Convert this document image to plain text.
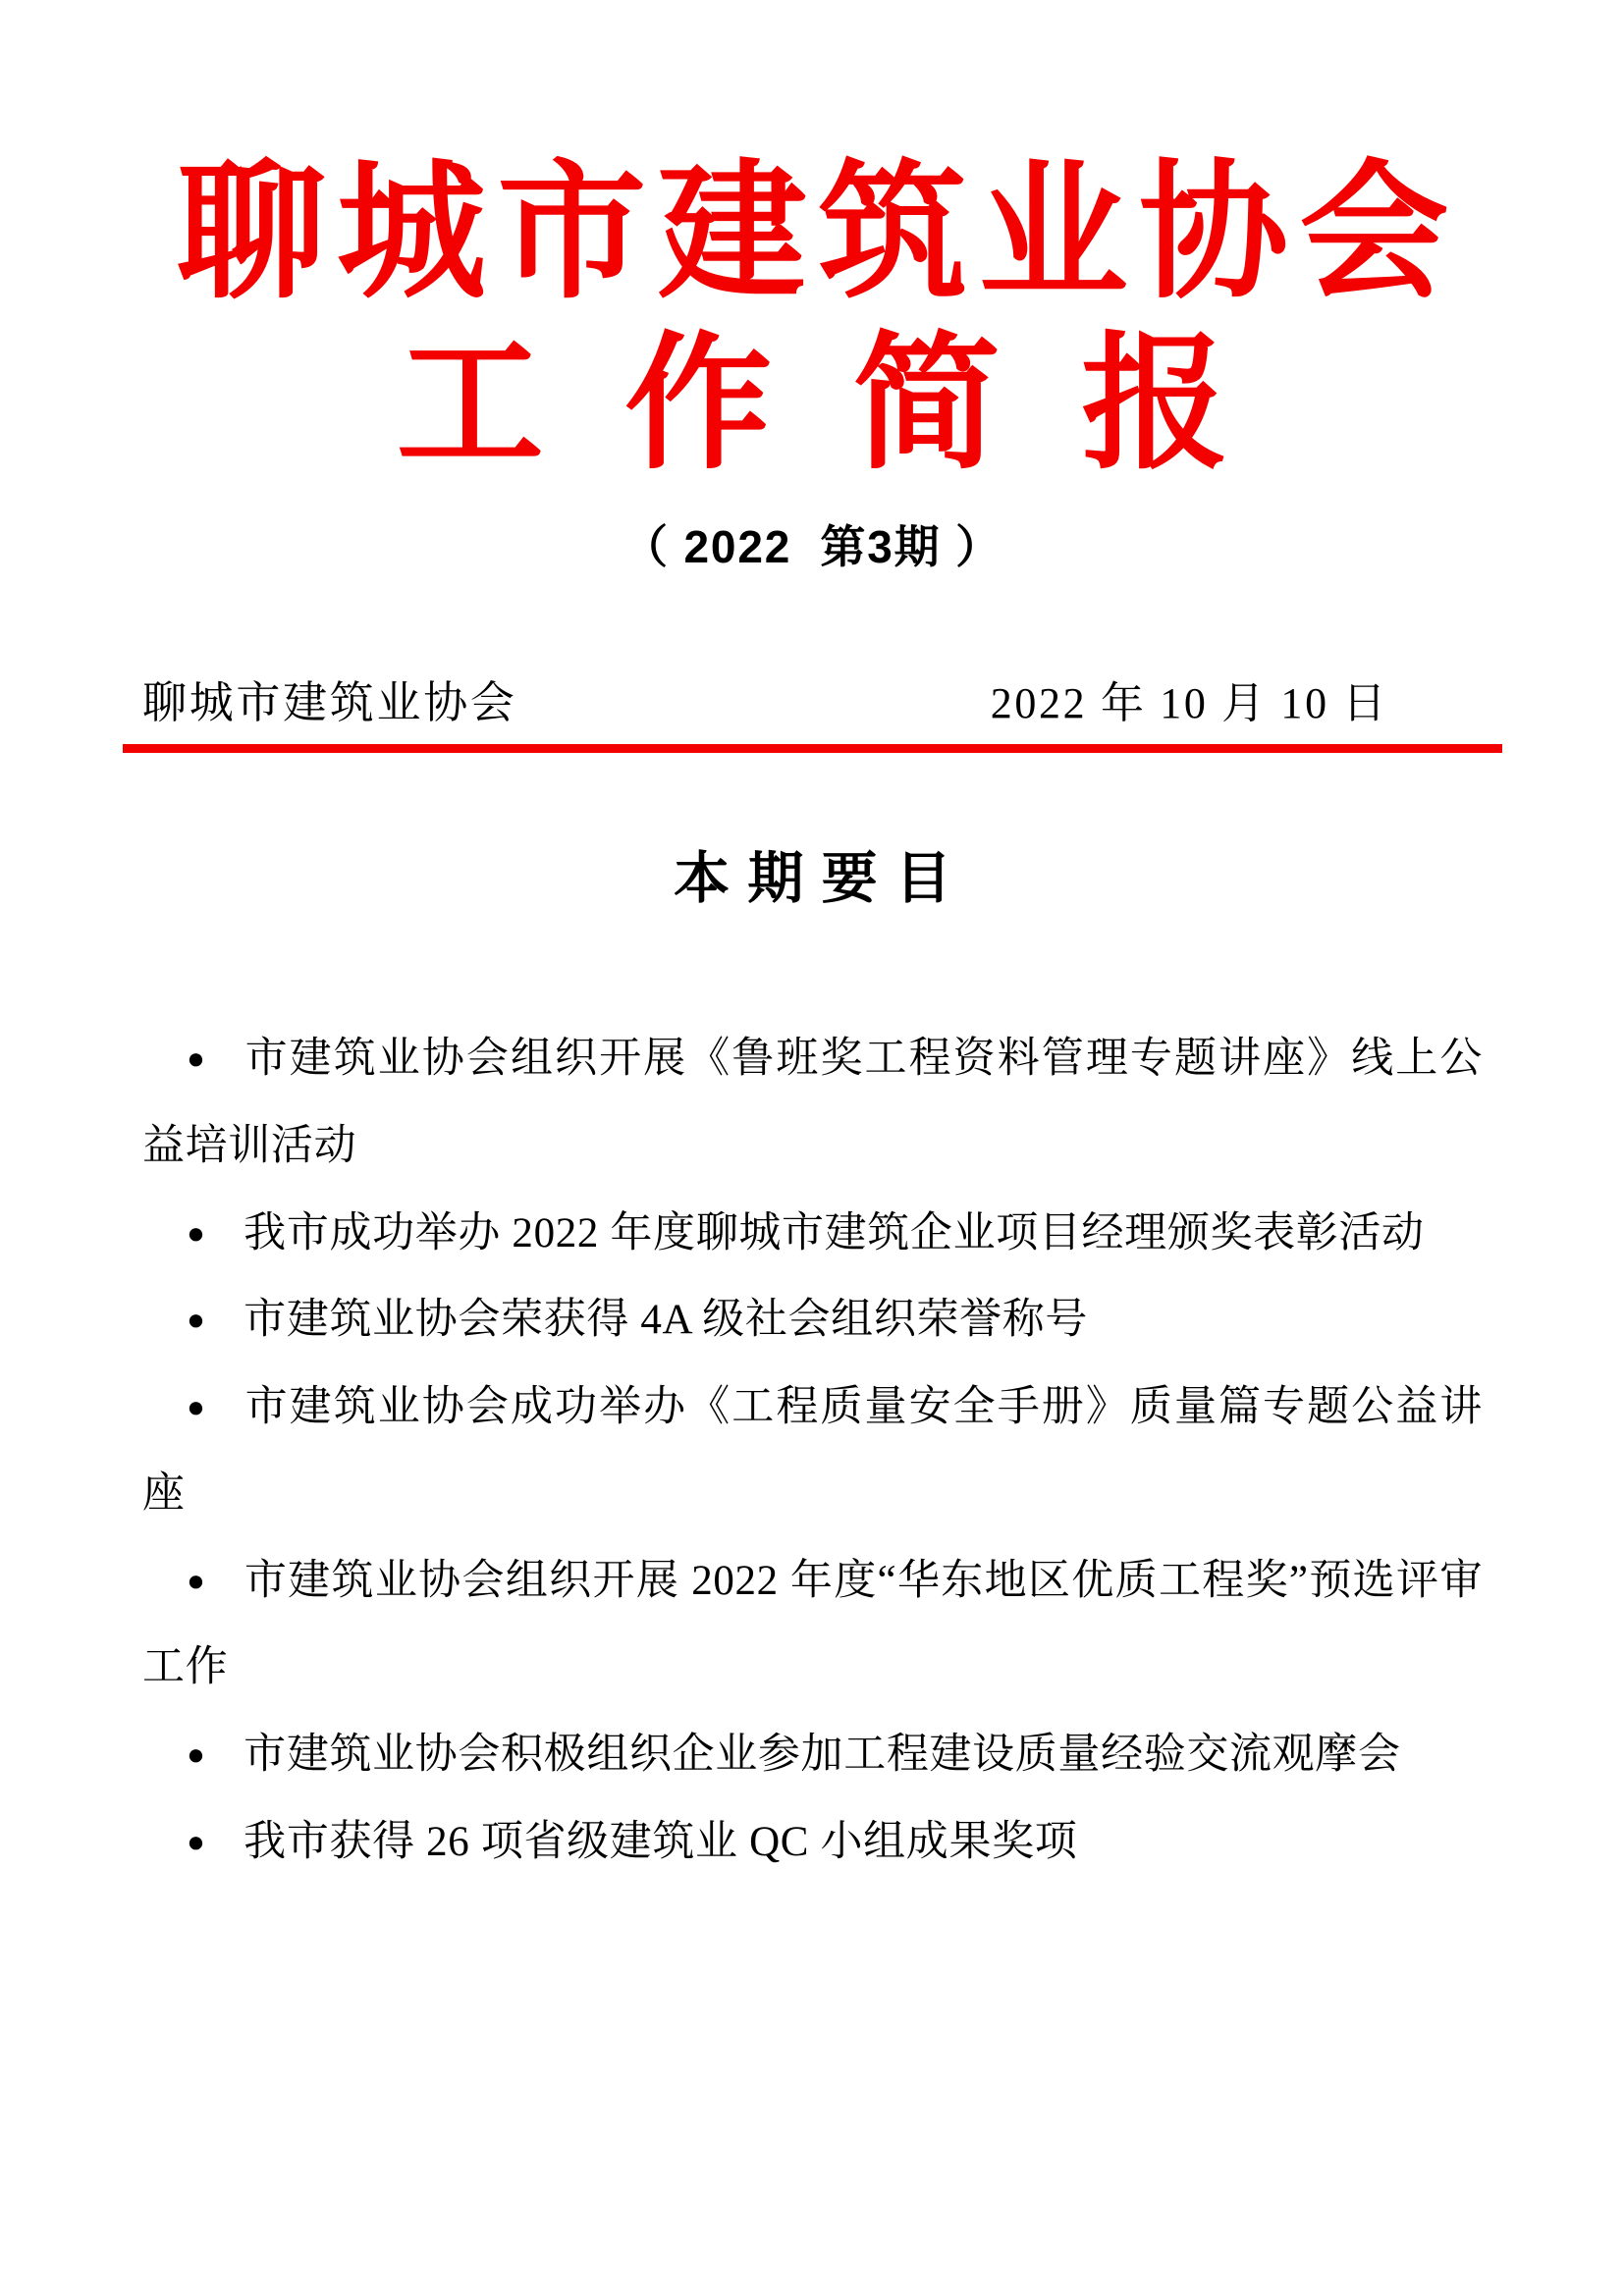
聊城市建筑业协会
工作简报
（ 2022  第3期 ）
聊城市建筑业协会	2022 年 10 月 10 日
本期要目

● 市建筑业协会组织开展《鲁班奖工程资料管理专题讲座》线上公益培训活动

● 我市成功举办 2022 年度聊城市建筑企业项目经理颁奖表彰活动

● 市建筑业协会荣获得 4A 级社会组织荣誉称号

● 市建筑业协会成功举办《工程质量安全手册》质量篇专题公益讲座

● 市建筑业协会组织开展 2022 年度“华东地区优质工程奖”预选评审工作

● 市建筑业协会积极组织企业参加工程建设质量经验交流观摩会

● 我市获得 26 项省级建筑业 QC 小组成果奖项
